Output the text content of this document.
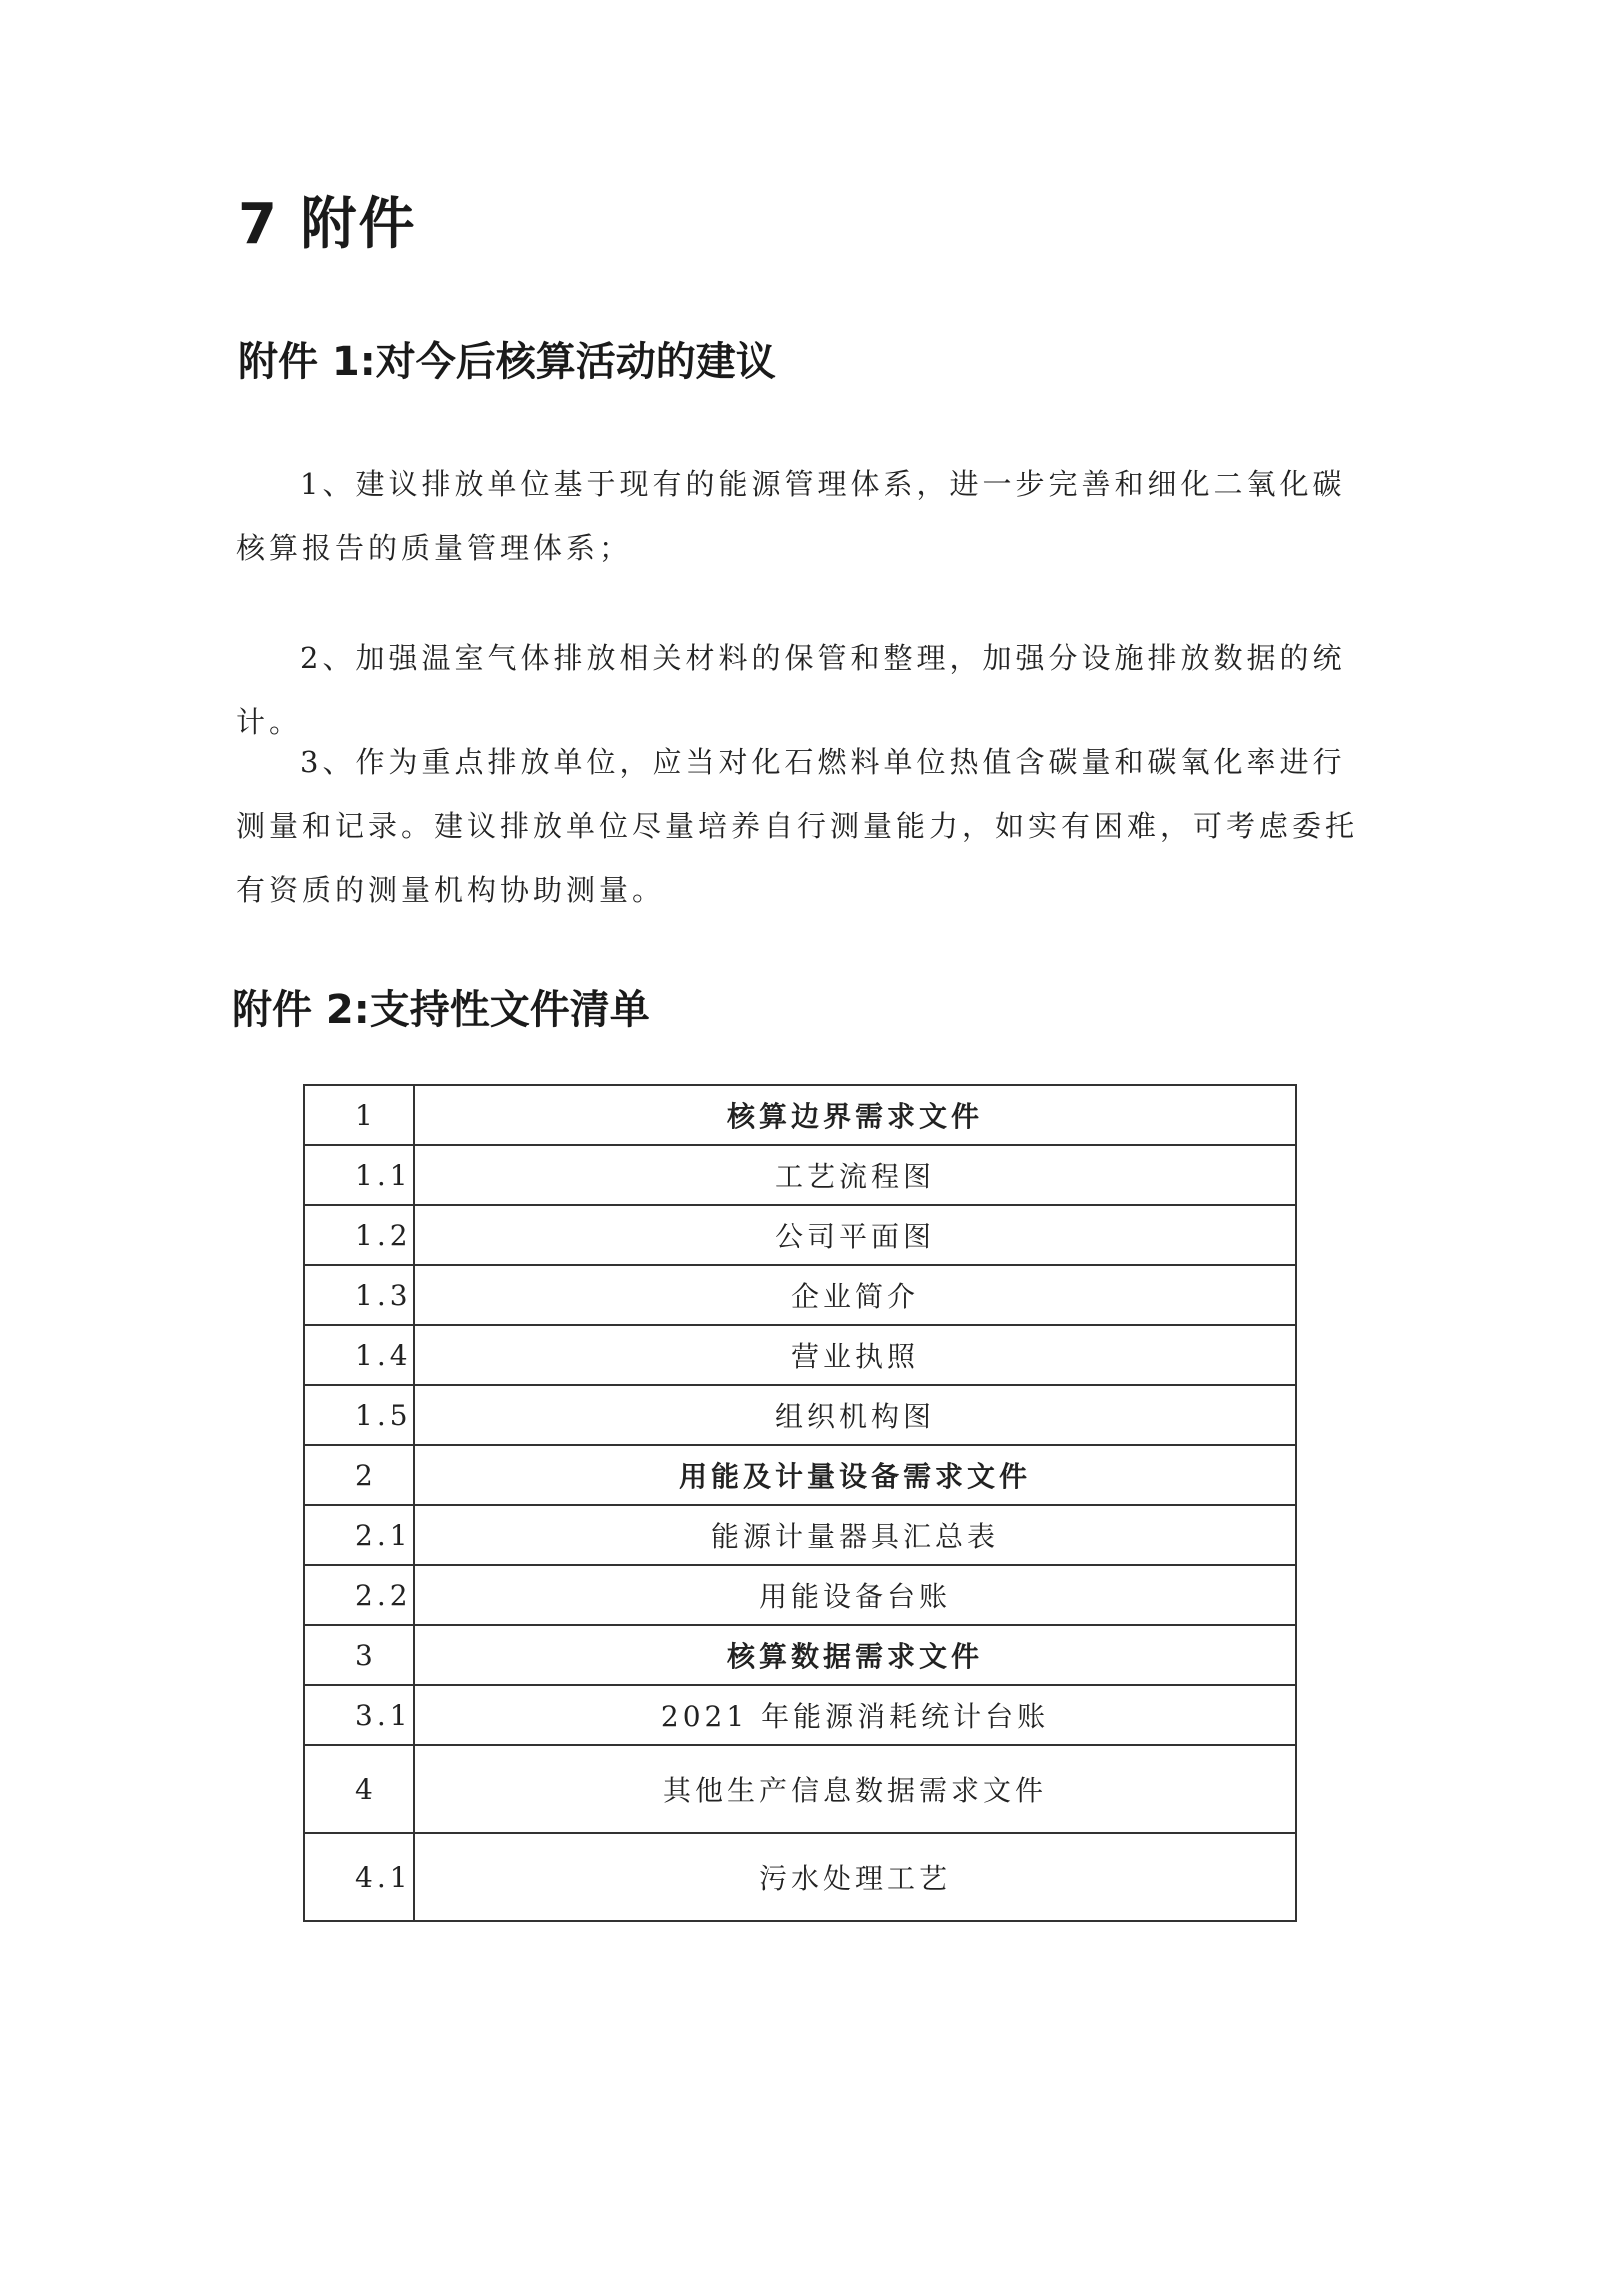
7 附件
附件 1:对今后核算活动的建议

1、建议排放单位基于现有的能源管理体系，进一步完善和细化二氧化碳核算报告的质量管理体系；

2、加强温室气体排放相关材料的保管和整理，加强分设施排放数据的统计。

3、作为重点排放单位，应当对化石燃料单位热值含碳量和碳氧化率进行测量和记录。建议排放单位尽量培养自行测量能力，如实有困难，可考虑委托有资质的测量机构协助测量。

附件 2:支持性文件清单
1	核算边界需求文件
1.1	工艺流程图
1.2	公司平面图
1.3	企业简介
1.4	营业执照
1.5	组织机构图
2	用能及计量设备需求文件
2.1	能源计量器具汇总表
2.2	用能设备台账
3	核算数据需求文件
3.1	2021 年能源消耗统计台账
4	其他生产信息数据需求文件
4.1	污水处理工艺
